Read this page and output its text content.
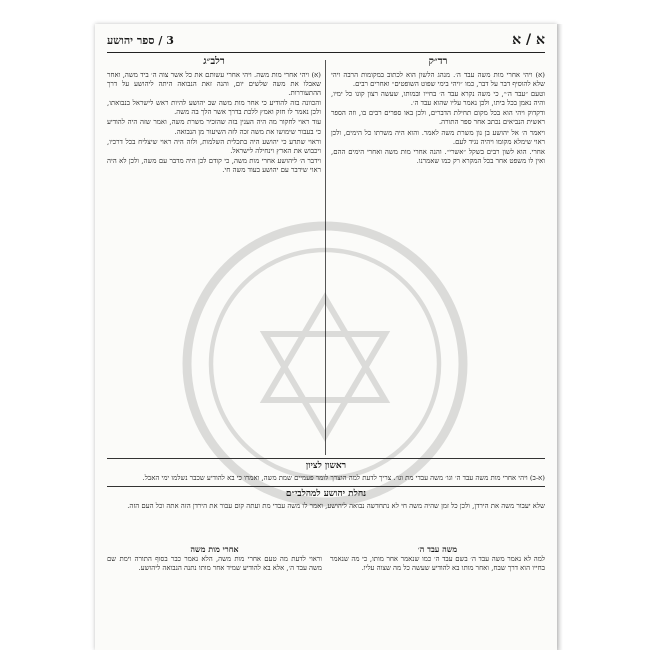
א / א
3 / ספר יהושע
רד״ק

(א) ויהי אחרי מות משה עבד ה׳. מנהג הלשון הוא לכתוב במקומות הרבה ויהי שלא להוסיף דבר על דבר, כמו ״ויהי בימי שפוט השופטים״ ואחרים רבים.

וטעם ״עבד ה׳״, כי משה נקרא עבד ה׳ בחייו ובמותו, שעשה רצון קונו כל ימיו, והיה נאמן בכל ביתו, ולכן נאמר עליו שהוא עבד ה׳.

ודקדוק ויהי הוא בכל מקום תחילת הדברים, ולכן באו ספרים רבים בו, וזה הספר ראשית הנביאים נכתב אחר ספר התורה.

ויאמר ה׳ אל יהושע בן נון משרת משה לאמר. והוא היה משרתו כל הימים, ולכן ראוי שימלא מקומו ויהיה נגיד לעם.

אחרי. הוא לשון רבים בשקל ״אשרי״. והנה אחרי מות משה ואחרי הימים ההם, ואין לו משפט אחר בכל המקרא רק כמו שאמרנו.

רלב״ג

(א) ויהי אחרי מות משה. ויהי אחרי עשותם את כל אשר צוה ה׳ ביד משה, ואחר שאבלו את משה שלשים יום, והנה זאת הנבואה היתה ליהושע על דרך ההתעוררות.

והכוונה בזה להודיע כי אחר מות משה שב יהושע להיות ראש לישראל בנבואתו, ולכן נאמר לו חזק ואמץ ללכת בדרך אשר הלך בה משה.

עוד ראוי לחקור מה היה הענין בזה שהזכיר משרת משה, ואמר שזה היה להודיע כי בעבור שימושו את משה זכה לזה השיעור מן הנבואה.

וראוי שתדע כי יהושע היה בתכלית השלמות, ולזה היה ראוי שיצליח בכל דרכיו, ויכבוש את הארץ וינחילה לישראל.

וידבר ה׳ ליהושע אחרי מות משה, כי קודם לכן היה מדבר עם משה, ולכן לא היה ראוי שידבר עם יהושע בעוד משה חי.

ראשון לציון
(א-ב) ויהי אחרי מות משה עבד ה׳ וגו׳ משה עבדי מת וגו׳. צריך לדעת למה הוצרך לומר פעמיים שמת משה, ואמרו כי בא להודיע שכבר נשלמו ימי האבל.
נחלת יהושע למהלבי״ם
שלא יעבור משה את הירדן, ולכן כל זמן שהיה משה חי לא נתחדשה נבואה ליהושע, ואמר לו משה עבדי מת ועתה קום עבור את הירדן הזה אתה וכל העם הזה.
משה עבד ה׳
למה לא נאמר משה עבד ה׳ בשם עבד ה׳ כמו שנאמר אחר מותו, כי מה שנאמר בחייו הוא דרך שבח, ואחר מותו בא להודיע שעשה כל מה שצוה עליו.
אחרי מות משה
וראוי לדעת מה טעם אחרי מות משה, הלא נאמר כבר בסוף התורה וימת שם משה עבד ה׳, אלא בא להודיע שמיד אחר מותו נתנה הנבואה ליהושע.
